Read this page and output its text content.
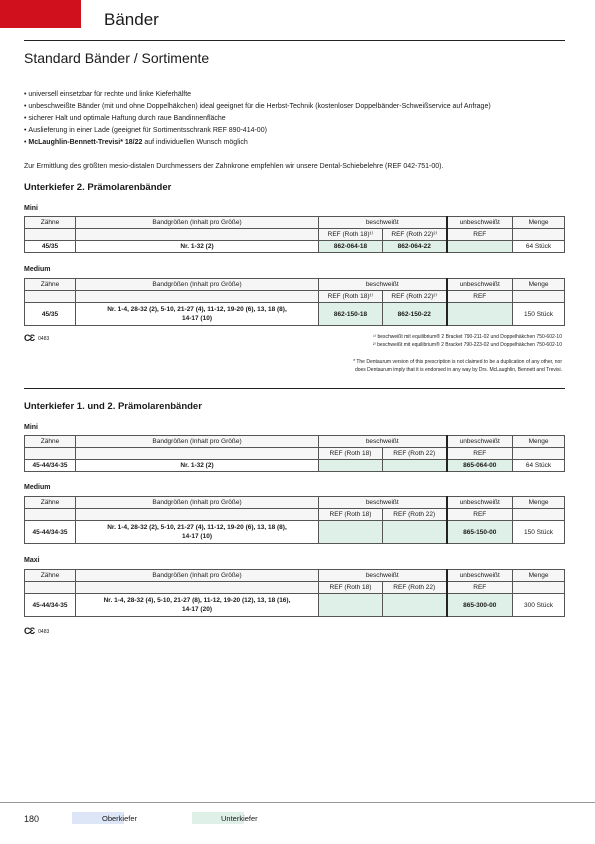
Bänder
Standard Bänder / Sortimente
• universell einsetzbar für rechte und linke Kieferhälfte
• unbeschweißte Bänder (mit und ohne Doppelhäkchen) ideal geeignet für die Herbst-Technik (kostenloser Doppelbänder-Schweißservice auf Anfrage)
• sicherer Halt und optimale Haftung durch raue Bandinnenfläche
• Auslieferung in einer Lade (geeignet für Sortimentsschrank REF 890-414-00)
• McLaughlin-Bennett-Trevisi* 18/22 auf individuellen Wunsch möglich
Zur Ermittlung des größten mesio-distalen Durchmessers der Zahnkrone empfehlen wir unsere Dental-Schiebelehre (REF 042-751-00).
Unterkiefer 2. Prämolarenbänder
Mini
Zähne	Bandgrößen (Inhalt pro Größe)	beschweißt		unbeschweißt	Menge
		REF (Roth 18)¹⁾	REF (Roth 22)²⁾	REF	
45/35	Nr. 1-32 (2)	862-064-18	862-064-22		64 Stück
Medium
Zähne	Bandgrößen (Inhalt pro Größe)	beschweißt		unbeschweißt	Menge
		REF (Roth 18)¹⁾	REF (Roth 22)²⁾	REF	
45/35	Nr. 1-4, 28-32 (2), 5-10, 21-27 (4), 11-12, 19-20 (6), 13, 18 (8),
14-17 (10)	862-150-18	862-150-22		150 Stück
CƐ 0483	¹⁾ beschweißt mit equilibrium® 2 Bracket 790-211-02 und Doppelhäkchen 750-602-10
²⁾ beschweißt mit equilibrium® 2 Bracket 790-223-02 und Doppelhäkchen 750-602-10
* The Dentaurum version of this prescription is not claimed to be a duplication of any other, nor
does Dentaurum imply that it is endorsed in any way by Drs. McLaughlin, Bennett and Trevisi.
Unterkiefer 1. und 2. Prämolarenbänder
Mini
Zähne	Bandgrößen (Inhalt pro Größe)	beschweißt		unbeschweißt	Menge
		REF (Roth 18)	REF (Roth 22)	REF	
45-44/34-35	Nr. 1-32 (2)			865-064-00	64 Stück
Medium
Zähne	Bandgrößen (Inhalt pro Größe)	beschweißt		unbeschweißt	Menge
		REF (Roth 18)	REF (Roth 22)	REF	
45-44/34-35	Nr. 1-4, 28-32 (2), 5-10, 21-27 (4), 11-12, 19-20 (6), 13, 18 (8),
14-17 (10)			865-150-00	150 Stück
Maxi
Zähne	Bandgrößen (Inhalt pro Größe)	beschweißt		unbeschweißt	Menge
		REF (Roth 18)	REF (Roth 22)	REF	
45-44/34-35	Nr. 1-4, 28-32 (4), 5-10, 21-27 (8), 11-12, 19-20 (12), 13, 18 (16),
14-17 (20)			865-300-00	300 Stück
CƐ 0483
180	Oberkiefer	Unterkiefer
